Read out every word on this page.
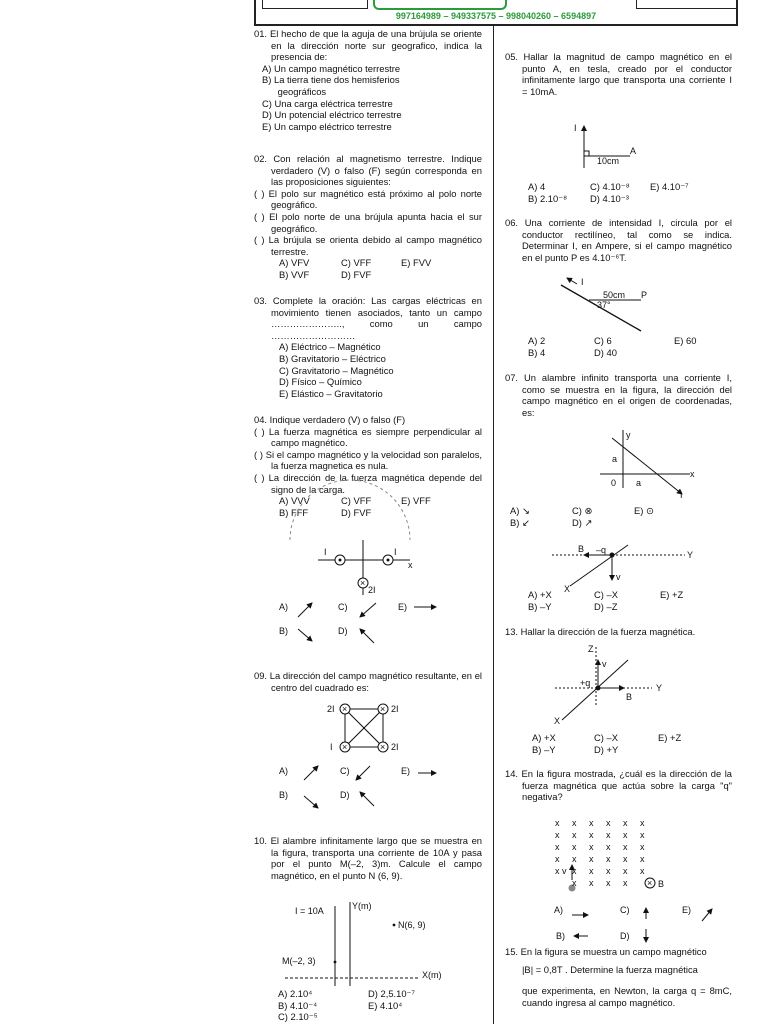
997164989 – 949337575 – 998040260 – 6594897

01. El hecho de que la aguja de una brújula se oriente en la dirección norte sur geografico, indica la presencia de:

A) Un campo magnético terrestre

B) La tierra tiene dos hemisferios

geográficos

C) Una carga eléctrica terrestre

D) Un potencial eléctrico terrestre

E) Un campo eléctrico terrestre

02. Con relación al magnetismo terrestre. Indique verdadero (V) o falso (F) según corresponda en las proposiciones siguientes:

( ) El polo sur magnético está próximo al polo norte geográfico.

( ) El polo norte de una brújula apunta hacia el sur geográfico.

( ) La brújula se orienta debido al campo magnético terrestre.

A) VFV	C) VFF	E) FVV
B) VVF	D) FVF

03. Complete la oración: Las cargas eléctricas en movimiento tienen asociados, tanto un campo ………………….., como un campo ………………………

A) Eléctrico – Magnético

B) Gravitatorio – Eléctrico

C) Gravitatorio – Magnético

D) Físico – Químico

E) Elástico – Gravitatorio

04. Indique verdadero (V) o falso (F)

( ) La fuerza magnética es siempre perpendicular al campo magnético.

( ) Si el campo magnético y la velocidad son paralelos, la fuerza magnetica es nula.

( ) La dirección de la fuerza magnética depende del signo de la carga.

A) VVV	C) VFF	E) VFF
B) FFF	D) FVF
×
I	I
2I
x
A)	C)	E)
B)	D)

09. La dirección del campo magnético resultante, en el centro del cuadrado es:

×	×
×	×
2I	2I
I	2I
A)	C)	E)
B)	D)

10. El alambre infinitamente largo que se muestra en la figura, transporta una corriente de 10A y pasa por el punto M(–2, 3)m. Calcule el campo magnético, en el punto N (6, 9).

I = 10A	Y(m)
N(6, 9)
M(–2, 3)
X(m)
A) 2.10⁴	D) 2,5.10⁻⁷
B) 4.10⁻⁴	E) 4.10⁴
C) 2.10⁻⁵

05. Hallar la magnitud de campo magnético en el punto A, en tesla, creado por el conductor infinitamente largo que transporta una corriente I = 10mA.

I
10cm
A
A) 4	C) 4.10⁻⁸	E) 4.10⁻⁷
B) 2.10⁻⁸	D) 4.10⁻³

06. Una corriente de intensidad I, circula por el conductor rectilíneo, tal como se indica. Determinar I, en Ampere, si el campo magnético en el punto P es 4.10⁻⁶T.

I
50cm
37°
P
A) 2	C) 6	E) 60
B) 4	D) 40

07. Un alambre infinito transporta una corriente I, como se muestra en la figura, la dirección del campo magnético en el origen de coordenadas, es:

y
x
a
a
0
I
A) ↘	C) ⊗	E) ⊙
B) ↙	D) ↗
B –q	Y
v
X
A) +X	C) –X	E) +Z
B) –Y	D) –Z

13. Hallar la dirección de la fuerza magnética.

Z
v
+q
B
Y
X
A) +X	C) –X	E) +Z
B) –Y	D) +Y

14. En la figura mostrada, ¿cuál es la dirección de la fuerza magnética que actúa sobre la carga "q" negativa?

v
× B
x x x x x x
x x x x x x
x x x x x x
x x x x x x
x x x x x x
x x x x
A)	C)	E)
B)	D)

15. En la figura se muestra un campo magnético

|B| = 0,8T . Determine la fuerza magnética

que experimenta, en Newton, la carga q = 8mC, cuando ingresa al campo magnético.
